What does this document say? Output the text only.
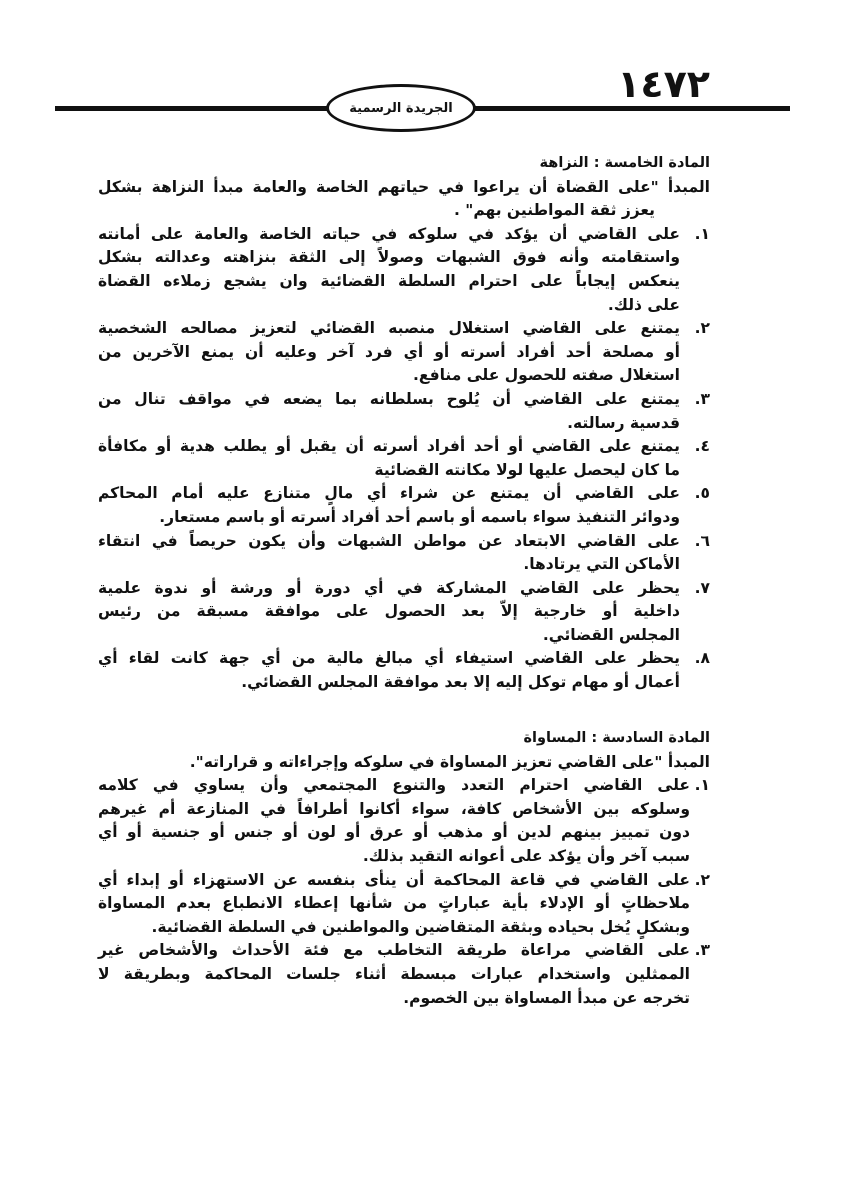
١٤٧٢
الجريدة الرسمية
المادة الخامسة : النزاهة
المبدأ "على القضاة أن يراعوا في حياتهم الخاصة والعامة مبدأ النزاهة بشكل
يعزز ثقة المواطنين بهم" .
١.
على القاضي أن يؤكد في سلوكه في حياته الخاصة والعامة على أمانته
واستقامته وأنه فوق الشبهات وصولاً إلى الثقة بنزاهته وعدالته بشكل
ينعكس إيجاباً على احترام السلطة القضائية وان يشجع زملاءه القضاة
على ذلك.
٢.
يمتنع على القاضي استغلال منصبه القضائي لتعزيز مصالحه الشخصية
أو مصلحة أحد أفراد أسرته أو أي فرد آخر وعليه أن يمنع الآخرين من
استغلال صفته للحصول على منافع.
٣.
يمتنع على القاضي أن يُلوح بسلطانه بما يضعه في مواقف تنال من
قدسية رسالته.
٤.
يمتنع على القاضي أو أحد أفراد أسرته أن يقبل أو يطلب هدية أو مكافأة
ما كان ليحصل عليها لولا مكانته القضائية
٥.
على القاضي أن يمتنع عن شراء أي مالٍ متنازع عليه أمام المحاكم
ودوائر التنفيذ سواء باسمه أو باسم أحد أفراد أسرته أو باسم مستعار.
٦.
على القاضي الابتعاد عن مواطن الشبهات وأن يكون حريصاً في انتقاء
الأماكن التي يرتادها.
٧.
يحظر على القاضي المشاركة في أي دورة أو ورشة أو ندوة علمية
داخلية أو خارجية إلاّ بعد الحصول على موافقة مسبقة من رئيس
المجلس القضائي.
٨.
يحظر على القاضي استيفاء أي مبالغ مالية من أي جهة كانت لقاء أي
أعمال أو مهام توكل إليه إلا بعد موافقة المجلس القضائي.
المادة السادسة : المساواة
المبدأ "على القاضي تعزيز المساواة في سلوكه وإجراءاته و قراراته".
١.
على القاضي احترام التعدد والتنوع المجتمعي وأن يساوي في كلامه
وسلوكه بين الأشخاص كافة، سواء أكانوا أطرافاً في المنازعة أم غيرهم
دون تمييز بينهم لدين أو مذهب أو عرق أو لون أو جنس أو جنسية أو أي
سبب آخر وأن يؤكد على أعوانه التقيد بذلك.
٢.
على القاضي في قاعة المحاكمة أن ينأى بنفسه عن الاستهزاء أو إبداء أي
ملاحظاتٍ أو الإدلاء بأية عباراتٍ من شأنها إعطاء الانطباع بعدم المساواة
وبشكلٍ يُخل بحياده وبثقة المتقاضين والمواطنين في السلطة القضائية.
٣.
على القاضي مراعاة طريقة التخاطب مع فئة الأحداث والأشخاص غير
الممثلين واستخدام عبارات مبسطة أثناء جلسات المحاكمة وبطريقة لا
تخرجه عن مبدأ المساواة بين الخصوم.
